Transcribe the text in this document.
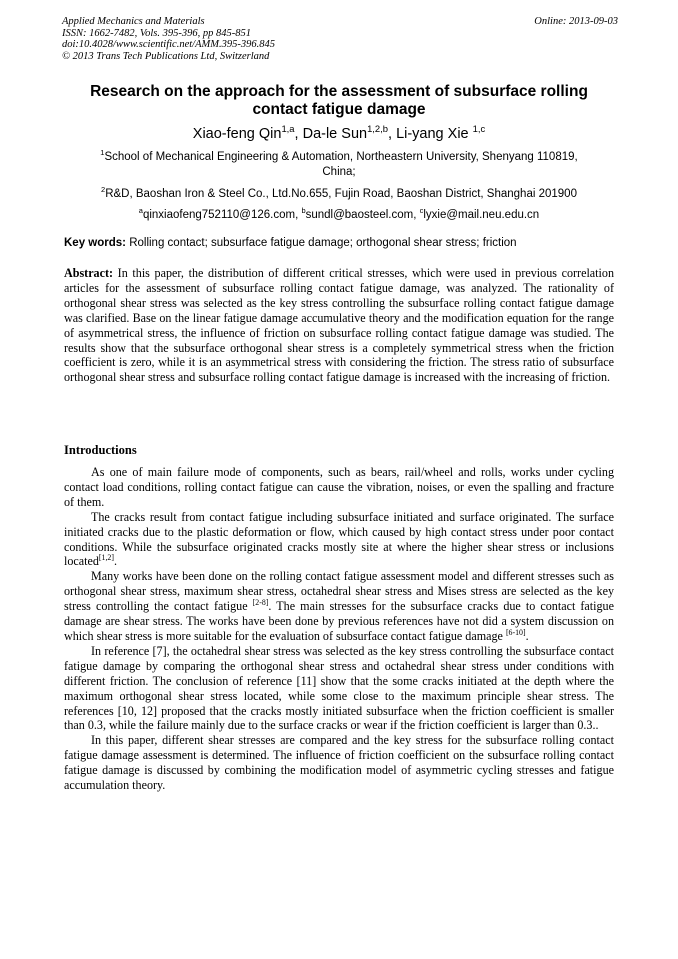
Applied Mechanics and Materials
ISSN: 1662-7482, Vols. 395-396, pp 845-851
doi:10.4028/www.scientific.net/AMM.395-396.845
© 2013 Trans Tech Publications Ltd, Switzerland
Online: 2013-09-03
Research on the approach for the assessment of subsurface rolling
contact fatigue damage
Xiao-feng Qin$^{1,a}$, Da-le Sun$^{1,2,b}$, Li-yang Xie $^{1,c}$
$^1$School of Mechanical Engineering & Automation, Northeastern University, Shenyang 110819,
China;
$^2$R&D, Baoshan Iron & Steel Co., Ltd.No.655, Fujin Road, Baoshan District, Shanghai 201900
$^a$qinxiaofeng752110@126.com, $^b$sundl@baosteel.com, $^c$lyxie@mail.neu.edu.cn
Key words: Rolling contact; subsurface fatigue damage; orthogonal shear stress; friction
Abstract: In this paper, the distribution of different critical stresses, which were used in previous correlation articles for the assessment of subsurface rolling contact fatigue damage, was analyzed. The rationality of orthogonal shear stress was selected as the key stress controlling the subsurface rolling contact fatigue damage was clarified. Base on the linear fatigue damage accumulative theory and the modification equation for the range of asymmetrical stress, the influence of friction on subsurface rolling contact fatigue damage was studied. The results show that the subsurface orthogonal shear stress is a completely symmetrical stress when the friction coefficient is zero, while it is an asymmetrical stress with considering the friction. The stress ratio of subsurface orthogonal shear stress and subsurface rolling contact fatigue damage is increased with the increasing of friction.
Introductions

As one of main failure mode of components, such as bears, rail/wheel and rolls, works under cycling contact load conditions, rolling contact fatigue can cause the vibration, noises, or even the spalling and fracture of them.

The cracks result from contact fatigue including subsurface initiated and surface originated. The surface initiated cracks due to the plastic deformation or flow, which caused by high contact stress under poor contact conditions. While the subsurface originated cracks mostly site at where the higher shear stress or inclusions located[1,2].

Many works have been done on the rolling contact fatigue assessment model and different stresses such as orthogonal shear stress, maximum shear stress, octahedral shear stress and Mises stress are selected as the key stress controlling the contact fatigue [2-8]. The main stresses for the subsurface cracks due to contact fatigue damage are shear stress. The works have been done by previous references have not did a system discussion on which shear stress is more suitable for the evaluation of subsurface contact fatigue damage [6-10].

In reference [7], the octahedral shear stress was selected as the key stress controlling the subsurface contact fatigue damage by comparing the orthogonal shear stress and octahedral shear stress under conditions with different friction. The conclusion of reference [11] show that the some cracks initiated at the depth where the maximum orthogonal shear stress located, while some close to the maximum principle shear stress. The references [10, 12] proposed that the cracks mostly initiated subsurface when the friction coefficient is smaller than 0.3, while the failure mainly due to the surface cracks or wear if the friction coefficient is larger than 0.3..

In this paper, different shear stresses are compared and the key stress for the subsurface rolling contact fatigue damage assessment is determined. The influence of friction coefficient on the subsurface rolling contact fatigue damage is discussed by combining the modification model of asymmetric cycling stresses and fatigue accumulation theory.
